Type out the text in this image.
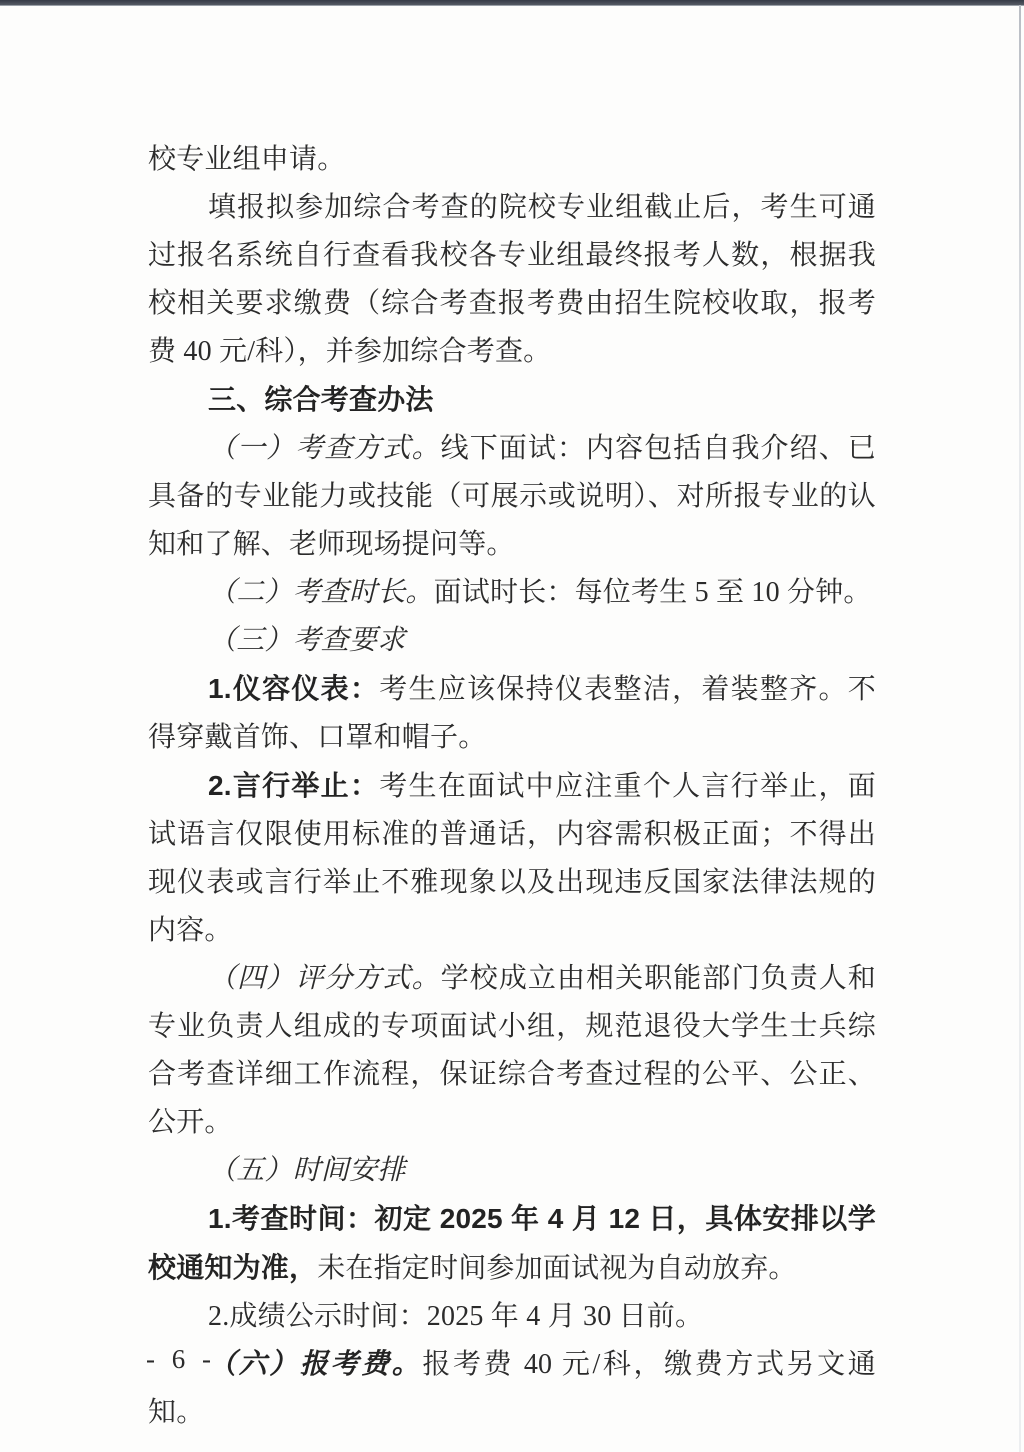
校专业组申请。
填报拟参加综合考查的院校专业组截止后，考生可通过报名系统自行查看我校各专业组最终报考人数，根据我校相关要求缴费（综合考查报考费由招生院校收取，报考费 40 元/科），并参加综合考查。
三、综合考查办法
（一）考查方式。线下面试：内容包括自我介绍、已具备的专业能力或技能（可展示或说明）、对所报专业的认知和了解、老师现场提问等。
（二）考查时长。面试时长：每位考生 5 至 10 分钟。
（三）考查要求
1.仪容仪表：考生应该保持仪表整洁，着装整齐。不得穿戴首饰、口罩和帽子。
2.言行举止：考生在面试中应注重个人言行举止，面试语言仅限使用标准的普通话，内容需积极正面；不得出现仪表或言行举止不雅现象以及出现违反国家法律法规的内容。
（四）评分方式。学校成立由相关职能部门负责人和专业负责人组成的专项面试小组，规范退役大学生士兵综合考查详细工作流程，保证综合考查过程的公平、公正、公开。
（五）时间安排
1.考查时间：初定 2025 年 4 月 12 日，具体安排以学校通知为准，未在指定时间参加面试视为自动放弃。
2.成绩公示时间：2025 年 4 月 30 日前。
（六）报考费。报考费 40 元/科，缴费方式另文通知。
- 6 -
